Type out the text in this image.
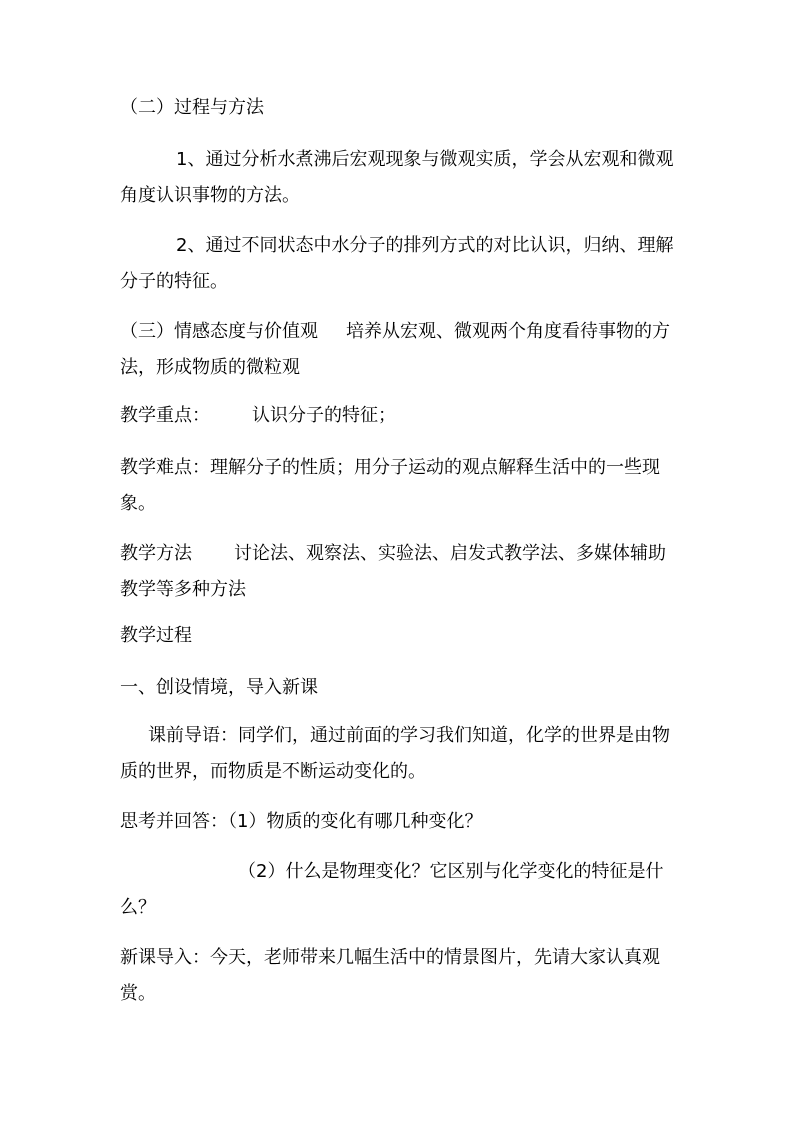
（二）过程与方法

1、通过分析水煮沸后宏观现象与微观实质，学会从宏观和微观角度认识事物的方法。

2、通过不同状态中水分子的排列方式的对比认识，归纳、理解分子的特征。

（三）情感态度与价值观 培养从宏观、微观两个角度看待事物的方法，形成物质的微粒观

教学重点： 认识分子的特征；

教学难点：理解分子的性质；用分子运动的观点解释生活中的一些现象。

教学方法 讨论法、观察法、实验法、启发式教学法、多媒体辅助教学等多种方法

教学过程

一、创设情境，导入新课

课前导语：同学们，通过前面的学习我们知道，化学的世界是由物质的世界，而物质是不断运动变化的。

思考并回答：（1）物质的变化有哪几种变化？

（2）什么是物理变化？它区别与化学变化的特征是什么？

新课导入：今天，老师带来几幅生活中的情景图片，先请大家认真观赏。
